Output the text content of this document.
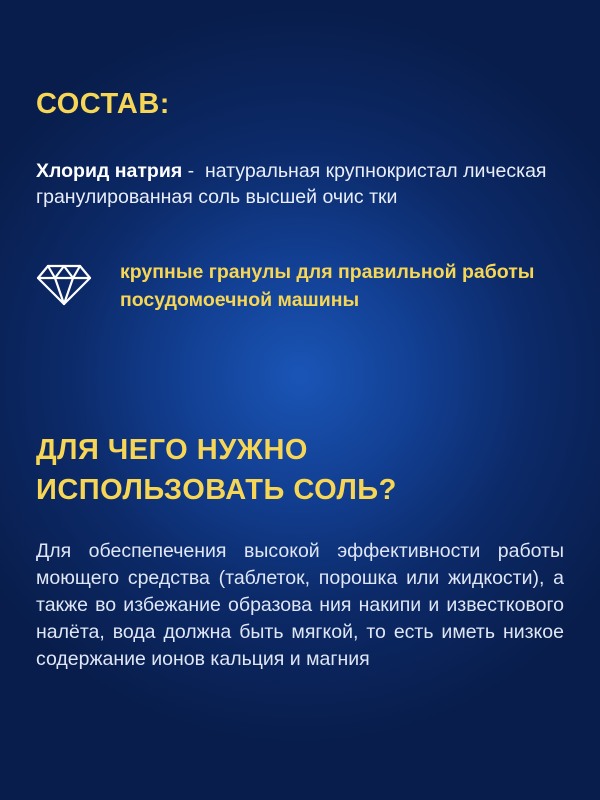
СОСТАВ:

Хлорид натрия -  натуральная крупнокристал лическая гранулированная соль высшей очис тки

крупные гранулы для правильной работы посудомоечной машины

ДЛЯ ЧЕГО НУЖНО ИСПОЛЬЗОВАТЬ СОЛЬ?

Для обеспепечения высокой эффективности работы моющего средства (таблеток, порошка или жидкости), а также во избежание образова ния накипи и известкового налёта, вода должна быть мягкой, то есть иметь низкое содержание ионов кальция и магния
